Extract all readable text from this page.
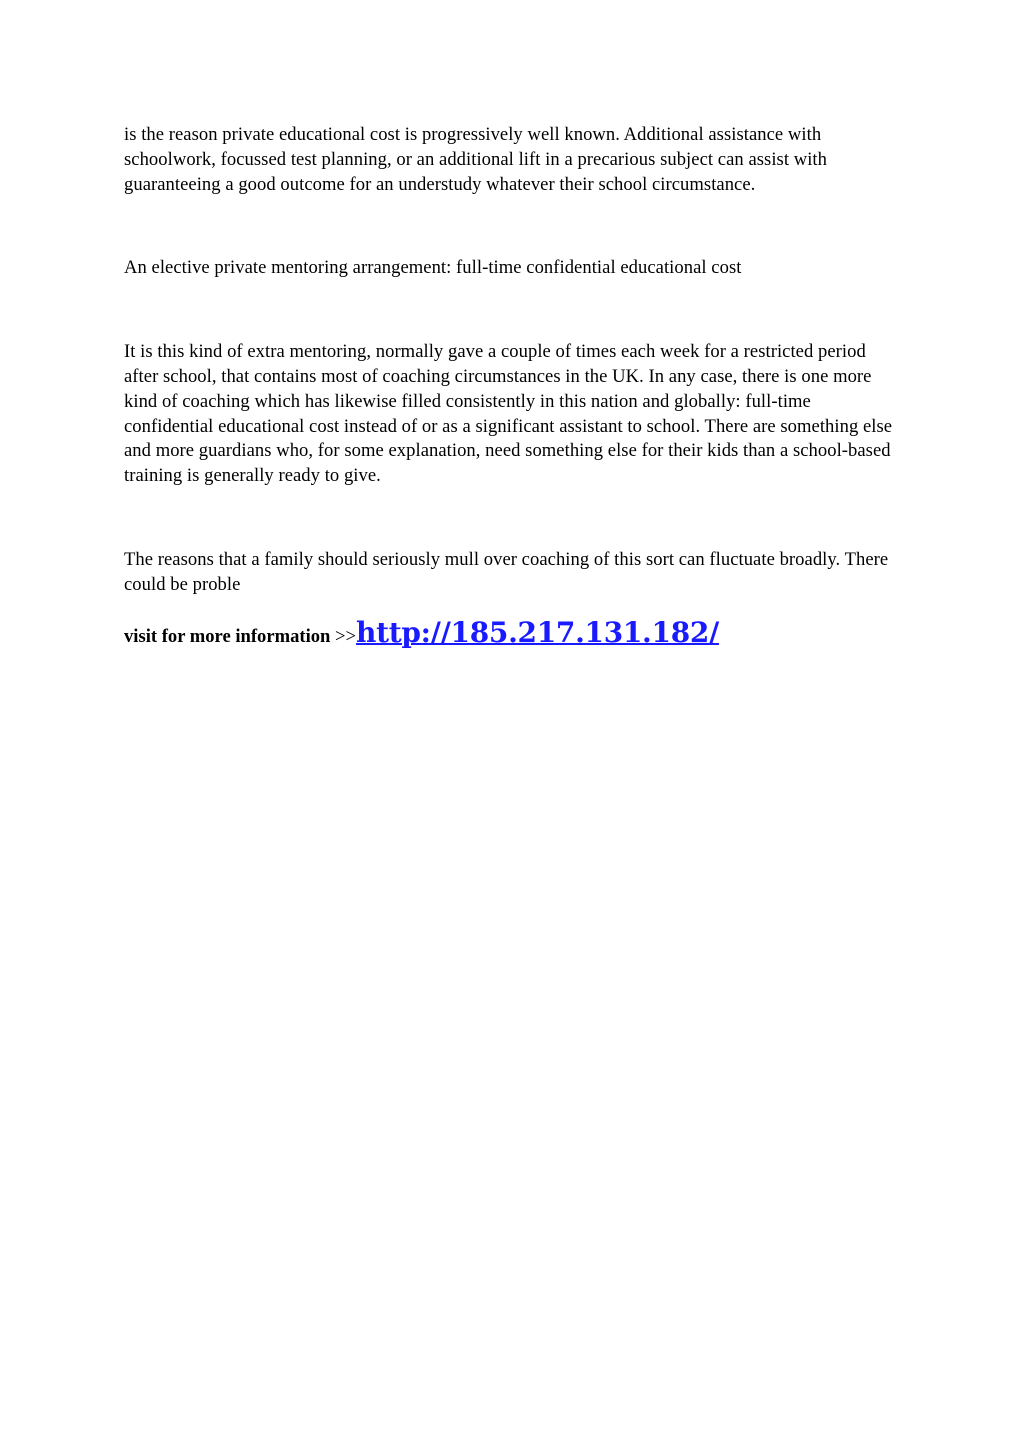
is the reason private educational cost is progressively well known. Additional assistance with schoolwork, focussed test planning, or an additional lift in a precarious subject can assist with guaranteeing a good outcome for an understudy whatever their school circumstance.

An elective private mentoring arrangement: full-time confidential educational cost

It is this kind of extra mentoring, normally gave a couple of times each week for a restricted period after school, that contains most of coaching circumstances in the UK. In any case, there is one more kind of coaching which has likewise filled consistently in this nation and globally: full-time confidential educational cost instead of or as a significant assistant to school. There are something else and more guardians who, for some explanation, need something else for their kids than a school-based training is generally ready to give.

The reasons that a family should seriously mull over coaching of this sort can fluctuate broadly. There could be proble

visit for more information >>http://185.217.131.182/
